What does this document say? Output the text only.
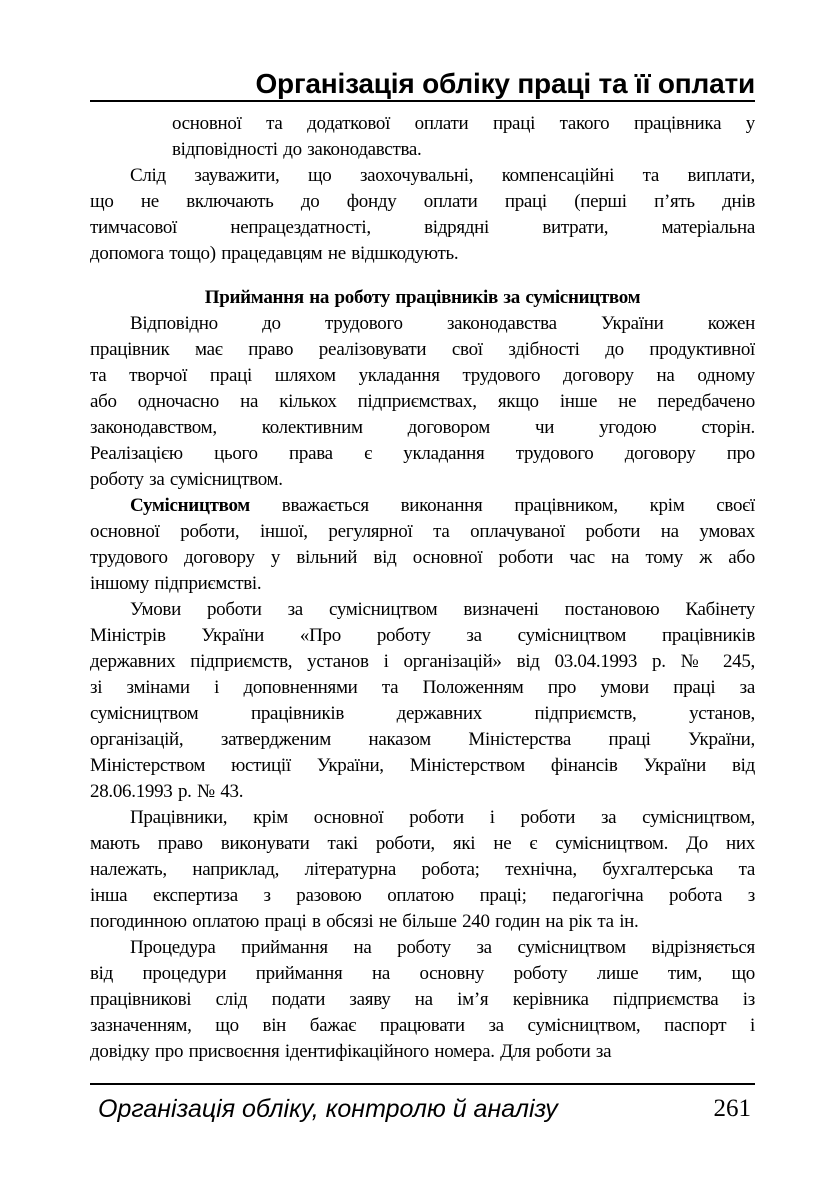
Організація обліку праці та її оплати
основної та додаткової оплати праці такого працівника у
відповідності до законодавства.
Слід зауважити, що заохочувальні, компенсаційні та виплати,
що не включають до фонду оплати праці (перші п’ять днів
тимчасової непрацездатності, відрядні витрати, матеріальна
допомога тощо) працедавцям не відшкодують.
Приймання на роботу працівників за сумісництвом
Відповідно до трудового законодавства України кожен
працівник має право реалізовувати свої здібності до продуктивної
та творчої праці шляхом укладання трудового договору на одному
або одночасно на кількох підприємствах, якщо інше не передбачено
законодавством, колективним договором чи угодою сторін.
Реалізацією цього права є укладання трудового договору про
роботу за сумісництвом.
Сумісництвом вважається виконання працівником, крім своєї
основної роботи, іншої, регулярної та оплачуваної роботи на умовах
трудового договору у вільний від основної роботи час на тому ж або
іншому підприємстві.
Умови роботи за сумісництвом визначені постановою Кабінету
Міністрів України «Про роботу за сумісництвом працівників
державних підприємств, установ і організацій» від 03.04.1993 р. № 245,
зі змінами і доповненнями та Положенням про умови праці за
сумісництвом працівників державних підприємств, установ,
організацій, затвердженим наказом Міністерства праці України,
Міністерством юстиції України, Міністерством фінансів України від
28.06.1993 р. № 43.
Працівники, крім основної роботи і роботи за сумісництвом,
мають право виконувати такі роботи, які не є сумісництвом. До них
належать, наприклад, літературна робота; технічна, бухгалтерська та
інша експертиза з разовою оплатою праці; педагогічна робота з
погодинною оплатою праці в обсязі не більше 240 годин на рік та ін.
Процедура приймання на роботу за сумісництвом відрізняється
від процедури приймання на основну роботу лише тим, що
працівникові слід подати заяву на ім’я керівника підприємства із
зазначенням, що він бажає працювати за сумісництвом, паспорт і
довідку про присвоєння ідентифікаційного номера. Для роботи за
Організація обліку, контролю й аналізу	261
